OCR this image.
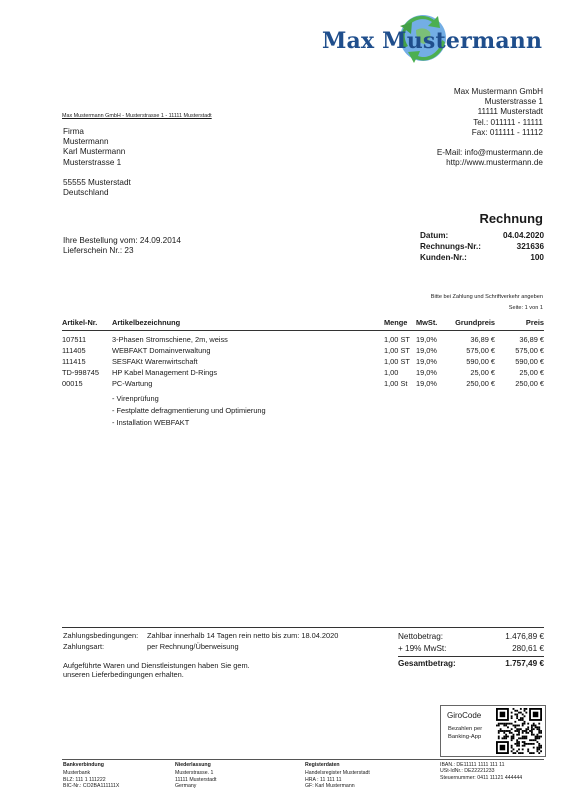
Max Mustermann
Max Mustermann GmbH - Musterstrasse 1 - 11111 Musterstadt
Max Mustermann GmbH
Musterstrasse 1
11111 Musterstadt
Tel.: 011111 - 11111
Fax: 011111 - 11112
E-Mail: info@mustermann.de
http://www.mustermann.de
Firma
Mustermann
Karl Mustermann
Musterstrasse 1
55555 Musterstadt
Deutschland
Rechnung
Ihre Bestellung vom: 24.09.2014
Lieferschein Nr.: 23
Datum:	04.04.2020
Rechnungs-Nr.:	321636
Kunden-Nr.:	100
Bitte bei Zahlung und Schriftverkehr angeben
Seite: 1 von 1
Artikel-Nr. Artikelbezeichnung	Menge MwSt. Grundpreis	Preis
107511	3-Phasen Stromschiene, 2m, weiss	1,00 ST 19,0%	36,89 €	36,89 €
111405	WEBFAKT Domainverwaltung	1,00 ST 19,0%	575,00 €	575,00 €
111415	SESFAKt Warenwirtschaft	1,00 ST 19,0%	590,00 €	590,00 €
TD-998745 HP Kabel Management D-Rings	1,00 19,0%	25,00 €	25,00 €
00015	PC-Wartung	1,00 St 19,0%	250,00 €	250,00 €
- Virenprüfung
- Festplatte defragmentierung und Optimierung
- Installation WEBFAKT
Zahlungsbedingungen: Zahlbar innerhalb 14 Tagen rein netto bis zum: 18.04.2020
Zahlungsart:	per Rechnung/Überweisung
Aufgeführte Waren und Dienstleistungen haben Sie gem.
unseren Lieferbedingungen erhalten.
Nettobetrag:	1.476,89 €
+ 19% MwSt:	280,61 €
Gesamtbetrag:	1.757,49 €
GiroCode
Bezahlen per
Banking-App
Bankverbindung
Musterbank
BLZ: 111 1 111222
BIC-Nr.: CO2BA111111X
Niederlassung
Musterstrasse. 1
11111 Musterstadt
Germany
Registerdaten
Handelsregister Musterstadt
HRA : 11 111 11
GF: Karl Mustermann
IBAN.: DE11111 1111 111 11
USt-IdNr.: DE22221233
Steuernummer: 0411 11121 444444
